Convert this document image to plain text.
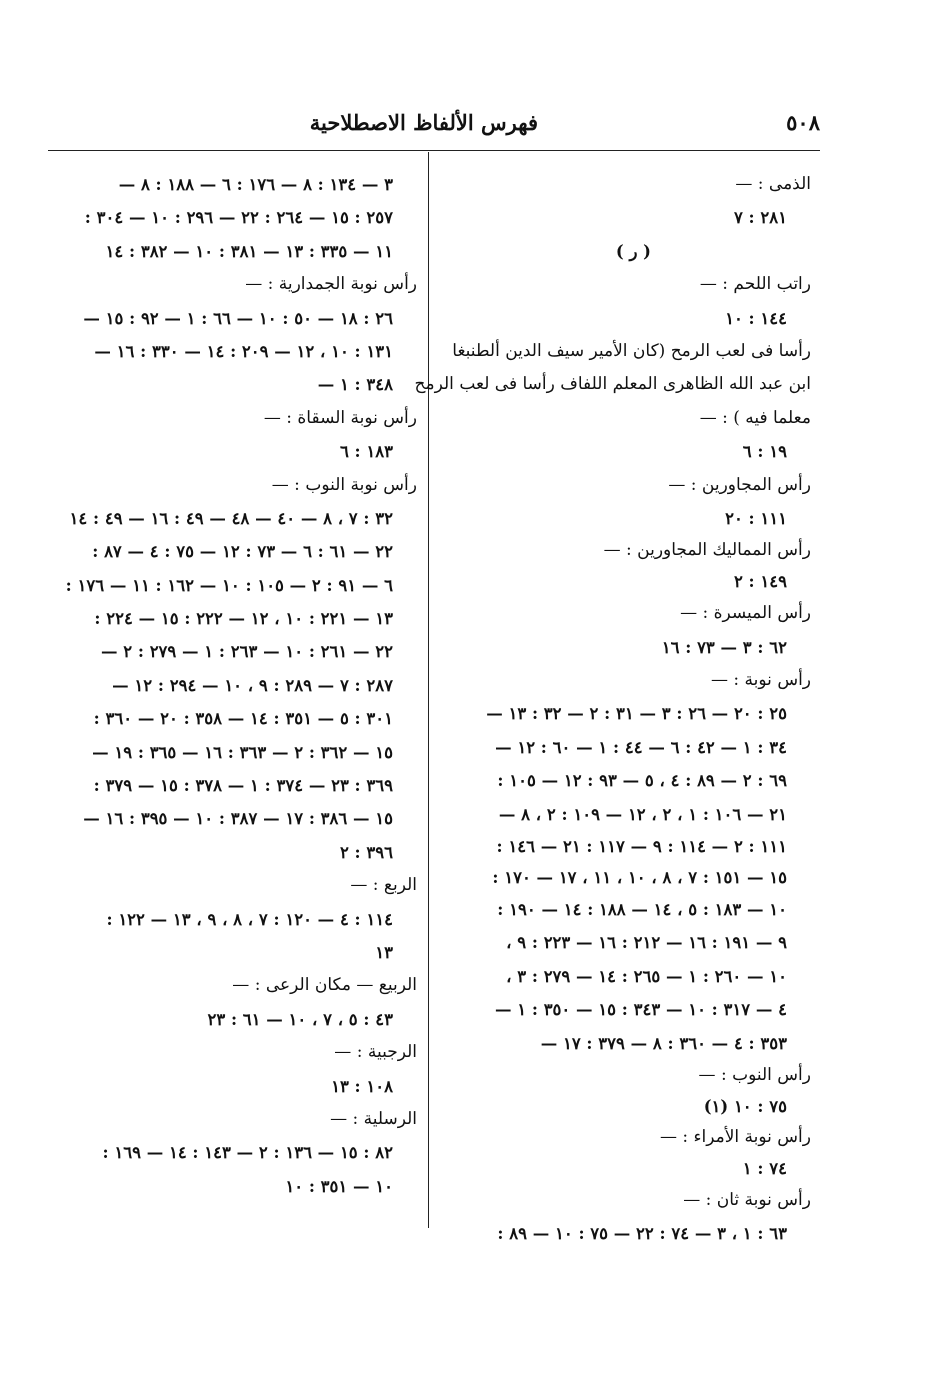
٥٠٨
فهرس الألفاظ الاصطلاحية
الذمى : —
٢٨١ : ٧
( ر )
راتب اللحم : —
١٤٤ : ١٠
رأسا فى لعب الرمح (كان الأمير سيف الدين ألطنبغا
ابن عبد الله الظاهرى المعلم اللفاف رأسا فى لعب الرمح
معلما فيه ) : —
١٩ : ٦
رأس المجاورين : —
١١١ : ٢٠
رأس المماليك المجاورين : —
١٤٩ : ٢
رأس الميسرة : —
٦٢ : ٣ — ٧٣ : ١٦
رأس نوبة : —
٢٥ : ٢٠ — ٢٦ : ٣ — ٣١ : ٢ — ٣٢ : ١٣ —
٣٤ : ١ — ٤٢ : ٦ — ٤٤ : ١ — ٦٠ : ١٢ —
٦٩ : ٢ — ٨٩ : ٤ ، ٥ — ٩٣ : ١٢ — ١٠٥ :
٢١ — ١٠٦ : ١ ، ٢ ، ١٢ — ١٠٩ : ٢ ، ٨ —
١١١ : ٢ — ١١٤ : ٩ — ١١٧ : ٢١ — ١٤٦ :
١٥ — ١٥١ : ٧ ، ٨ ، ١٠ ، ١١ ، ١٧ — ١٧٠ :
١٠ — ١٨٣ : ٥ ، ١٤ — ١٨٨ : ١٤ — ١٩٠ :
٩ — ١٩١ : ١٦ — ٢١٢ : ١٦ — ٢٢٣ : ٩ ،
١٠ — ٢٦٠ : ١ — ٢٦٥ : ١٤ — ٢٧٩ : ٣ ،
٤ — ٣١٧ : ١٠ — ٣٤٣ : ١٥ — ٣٥٠ : ١ —
٣٥٣ : ٤ — ٣٦٠ : ٨ — ٣٧٩ : ١٧ —
رأس النوب : —
٧٥ : ١٠ (١)
رأس نوبة الأمراء : —
٧٤ : ١
رأس نوبة ثان : —
٦٣ : ١ ، ٣ — ٧٤ : ٢٢ — ٧٥ : ١٠ — ٨٩ :
٣ — ١٣٤ : ٨ — ١٧٦ : ٦ — ١٨٨ : ٨ —
٢٥٧ : ١٥ — ٢٦٤ : ٢٢ — ٢٩٦ : ١٠ — ٣٠٤ :
١١ — ٣٣٥ : ١٣ — ٣٨١ : ١٠ — ٣٨٢ : ١٤
رأس نوبة الجمدارية : —
٢٦ : ١٨ — ٥٠ : ١٠ — ٦٦ : ١ — ٩٢ : ١٥ —
١٣١ : ١٠ ، ١٢ — ٢٠٩ : ١٤ — ٣٣٠ : ١٦ —
٣٤٨ : ١ —
رأس نوبة السقاة : —
١٨٣ : ٦
رأس نوبة النوب : —
٣٢ : ٧ ، ٨ — ٤٠ — ٤٨ — ٤٩ : ١٦ — ٤٩ : ١٤
٢٢ — ٦١ : ٦ — ٧٣ : ١٢ — ٧٥ : ٤ — ٨٧ :
٦ — ٩١ : ٢ — ١٠٥ : ١٠ — ١٦٢ : ١١ — ١٧٦ :
١٣ — ٢٢١ : ١٠ ، ١٢ — ٢٢٢ : ١٥ — ٢٢٤ :
٢٢ — ٢٦١ : ١٠ — ٢٦٣ : ١ — ٢٧٩ : ٢ —
٢٨٧ : ٧ — ٢٨٩ : ٩ ، ١٠ — ٢٩٤ : ١٢ —
٣٠١ : ٥ — ٣٥١ : ١٤ — ٣٥٨ : ٢٠ — ٣٦٠ :
١٥ — ٣٦٢ : ٢ — ٣٦٣ : ١٦ — ٣٦٥ : ١٩ —
٣٦٩ : ٢٣ — ٣٧٤ : ١ — ٣٧٨ : ١٥ — ٣٧٩ :
١٥ — ٣٨٦ : ١٧ — ٣٨٧ : ١٠ — ٣٩٥ : ١٦ —
٣٩٦ : ٢
الربع : —
١١٤ : ٤ — ١٢٠ : ٧ ، ٨ ، ٩ ، ١٣ — ١٢٢ :
١٣
الربيع — مكان الرعى : —
٤٣ : ٥ ، ٧ ، ١٠ — ٦١ : ٢٣
الرجبية : —
١٠٨ : ١٣
الرسلية : —
٨٢ : ١٥ — ١٣٦ : ٢ — ١٤٣ : ١٤ — ١٦٩ :
١٠ — ٣٥١ : ١٠
